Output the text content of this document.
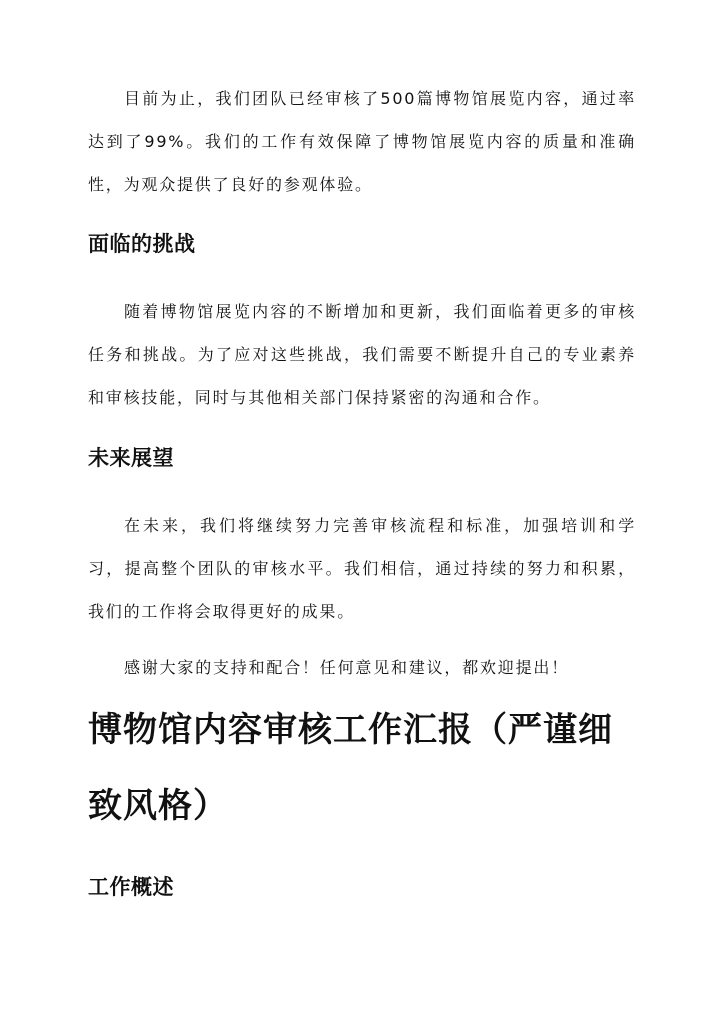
目前为止，我们团队已经审核了500篇博物馆展览内容，通过率达到了99%。我们的工作有效保障了博物馆展览内容的质量和准确性，为观众提供了良好的参观体验。

面临的挑战

随着博物馆展览内容的不断增加和更新，我们面临着更多的审核任务和挑战。为了应对这些挑战，我们需要不断提升自己的专业素养和审核技能，同时与其他相关部门保持紧密的沟通和合作。

未来展望

在未来，我们将继续努力完善审核流程和标准，加强培训和学习，提高整个团队的审核水平。我们相信，通过持续的努力和积累，我们的工作将会取得更好的成果。

感谢大家的支持和配合！任何意见和建议，都欢迎提出！

博物馆内容审核工作汇报（严谨细致风格）
工作概述
